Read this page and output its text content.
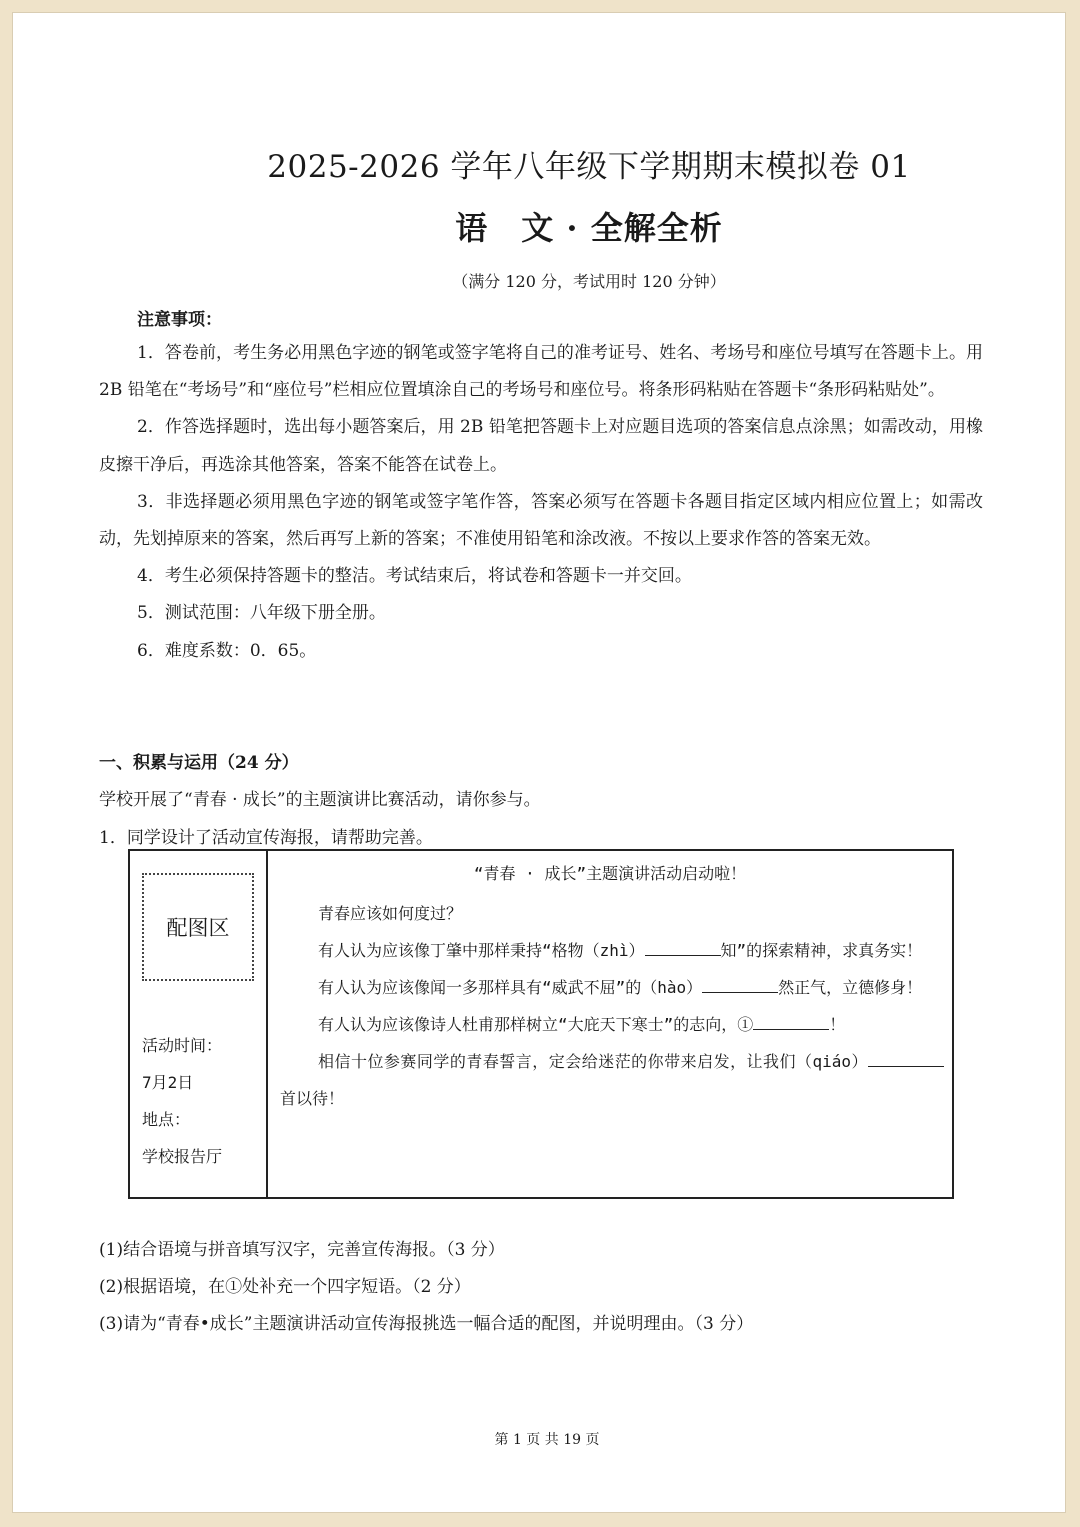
2025-2026 学年八年级下学期期末模拟卷 01
语　文 · 全解全析
（满分 120 分，考试用时 120 分钟）
注意事项：

1．答卷前，考生务必用黑色字迹的钢笔或签字笔将自己的准考证号、姓名、考场号和座位号填写在答题卡上。用 2B 铅笔在“考场号”和“座位号”栏相应位置填涂自己的考场号和座位号。将条形码粘贴在答题卡“条形码粘贴处”。

2．作答选择题时，选出每小题答案后，用 2B 铅笔把答题卡上对应题目选项的答案信息点涂黑；如需改动，用橡皮擦干净后，再选涂其他答案，答案不能答在试卷上。

3．非选择题必须用黑色字迹的钢笔或签字笔作答，答案必须写在答题卡各题目指定区域内相应位置上；如需改动，先划掉原来的答案，然后再写上新的答案；不准使用铅笔和涂改液。不按以上要求作答的答案无效。

4．考生必须保持答题卡的整洁。考试结束后，将试卷和答题卡一并交回。

5．测试范围：八年级下册全册。

6．难度系数：0．65。

一、积累与运用（24 分）
学校开展了“青春 · 成长”的主题演讲比赛活动，请你参与。
1．同学设计了活动宣传海报，请帮助完善。
配图区
活动时间：
7月2日
地点：
学校报告厅
“青春 · 成长”主题演讲活动启动啦！

青春应该如何度过？

有人认为应该像丁肇中那样秉持“格物（zhì）	知”的探索精神，求真务实！

有人认为应该像闻一多那样具有“威武不屈”的（hào）	然正气，立德修身！

有人认为应该像诗人杜甫那样树立“大庇天下寒士”的志向，①	！

相信十位参赛同学的青春誓言，定会给迷茫的你带来启发，让我们（qiáo）首以待！

(1)结合语境与拼音填写汉字，完善宣传海报。（3 分）
(2)根据语境，在①处补充一个四字短语。（2 分）
(3)请为“青春•成长”主题演讲活动宣传海报挑选一幅合适的配图，并说明理由。（3 分）
第 1 页 共 19 页
